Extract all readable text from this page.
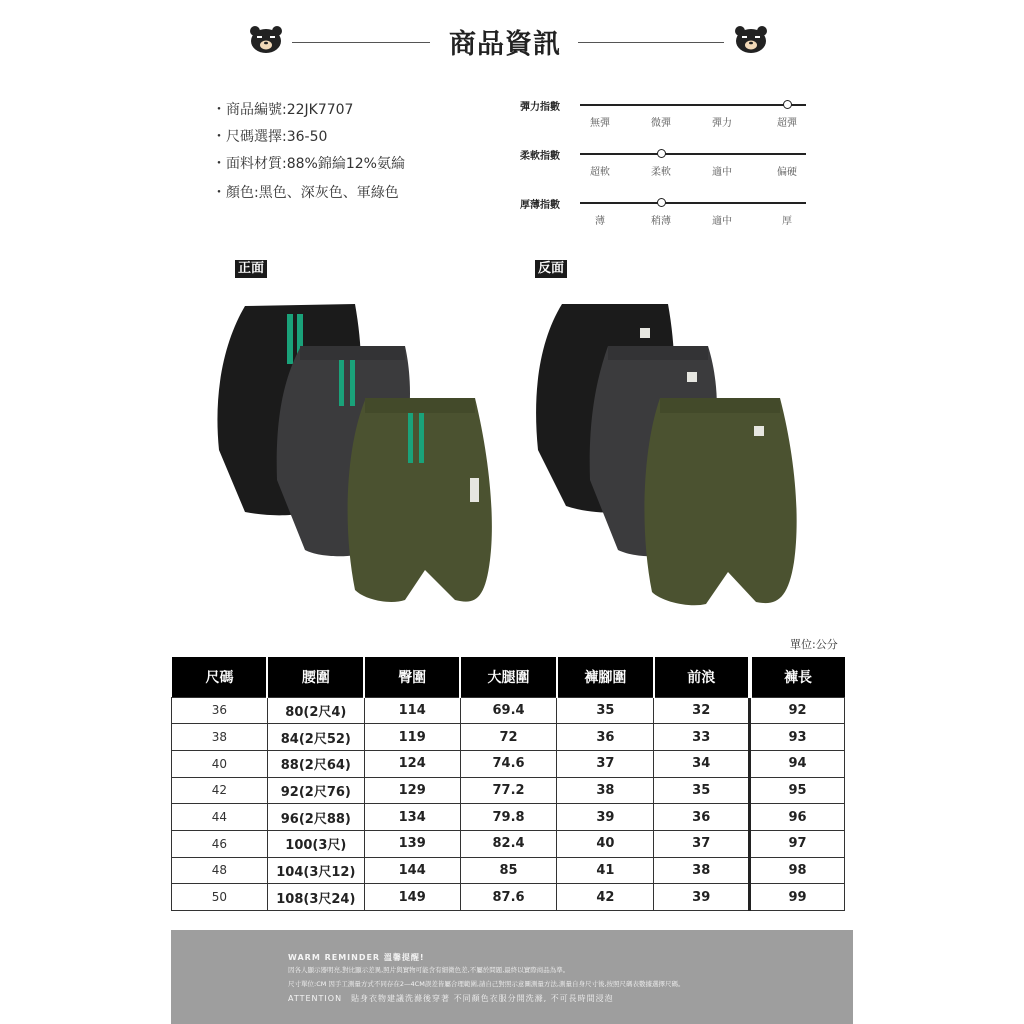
商品資訊
・商品編號:22JK7707
・尺碼選擇:36-50
・面料材質:88%錦綸12%氨綸
・顏色:黑色、深灰色、軍綠色
彈力指數
無彈	微彈	彈力	超彈
柔軟指數
超軟	柔軟	適中	偏硬
厚薄指數
薄	稍薄	適中	厚
正面	反面
單位:公分
尺碼	腰圍	臀圍	大腿圍	褲腳圍	前浪	褲長
36	80(2尺4)	114	69.4	35	32	92
38	84(2尺52)	119	72	36	33	93
40	88(2尺64)	124	74.6	37	34	94
42	92(2尺76)	129	77.2	38	35	95
44	96(2尺88)	134	79.8	39	36	96
46	100(3尺)	139	82.4	40	37	97
48	104(3尺12)	144	85	41	38	98
50	108(3尺24)	149	87.6	42	39	99
WARM REMINDER 溫馨提醒!
因各人顯示器明亮,對比顯示差異,照片與實物可能含有細微色差,不屬於問題,最終以實際商品為準。
尺寸單位:CM 因手工測量方式不同存在2—4CM誤差皆屬合理範圍,請自己對照示意圖測量方法,測量自身尺寸後,按照尺碼表數據選擇尺碼。
ATTENTION　貼身衣物建議洗滌後穿著 不同顏色衣服分開洗滌, 不可長時間浸泡
